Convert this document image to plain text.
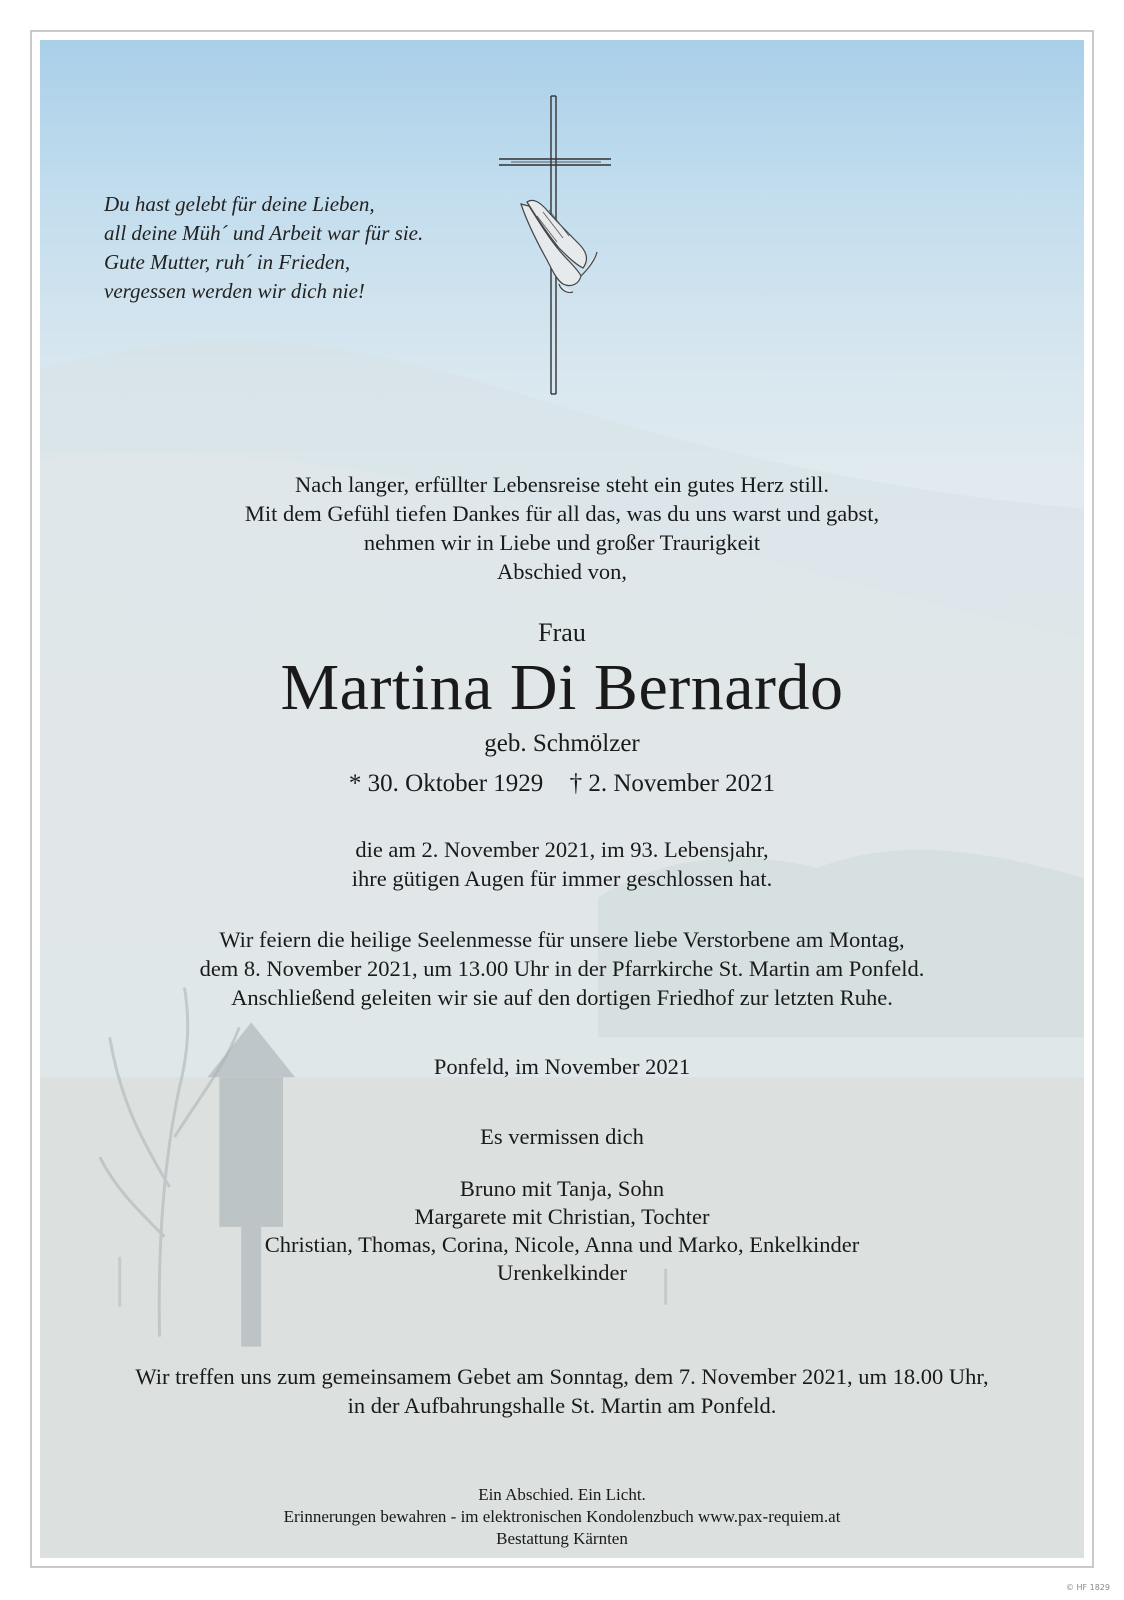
Du hast gelebt für deine Lieben,
all deine Müh´ und Arbeit war für sie.
Gute Mutter, ruh´ in Frieden,
vergessen werden wir dich nie!
Nach langer, erfüllter Lebensreise steht ein gutes Herz still.
Mit dem Gefühl tiefen Dankes für all das, was du uns warst und gabst,
nehmen wir in Liebe und großer Traurigkeit
Abschied von,
Frau
Martina Di Bernardo
geb. Schmölzer
* 30. Oktober 1929 † 2. November 2021
die am 2. November 2021, im 93. Lebensjahr,
ihre gütigen Augen für immer geschlossen hat.
Wir feiern die heilige Seelenmesse für unsere liebe Verstorbene am Montag,
dem 8. November 2021, um 13.00 Uhr in der Pfarrkirche St. Martin am Ponfeld.
Anschließend geleiten wir sie auf den dortigen Friedhof zur letzten Ruhe.
Ponfeld, im November 2021
Es vermissen dich
Bruno mit Tanja, Sohn
Margarete mit Christian, Tochter
Christian, Thomas, Corina, Nicole, Anna und Marko, Enkelkinder
Urenkelkinder
Wir treffen uns zum gemeinsamem Gebet am Sonntag, dem 7. November 2021, um 18.00 Uhr,
in der Aufbahrungshalle St. Martin am Ponfeld.
Ein Abschied. Ein Licht.
Erinnerungen bewahren - im elektronischen Kondolenzbuch www.pax-requiem.at
Bestattung Kärnten
© HF 1829
